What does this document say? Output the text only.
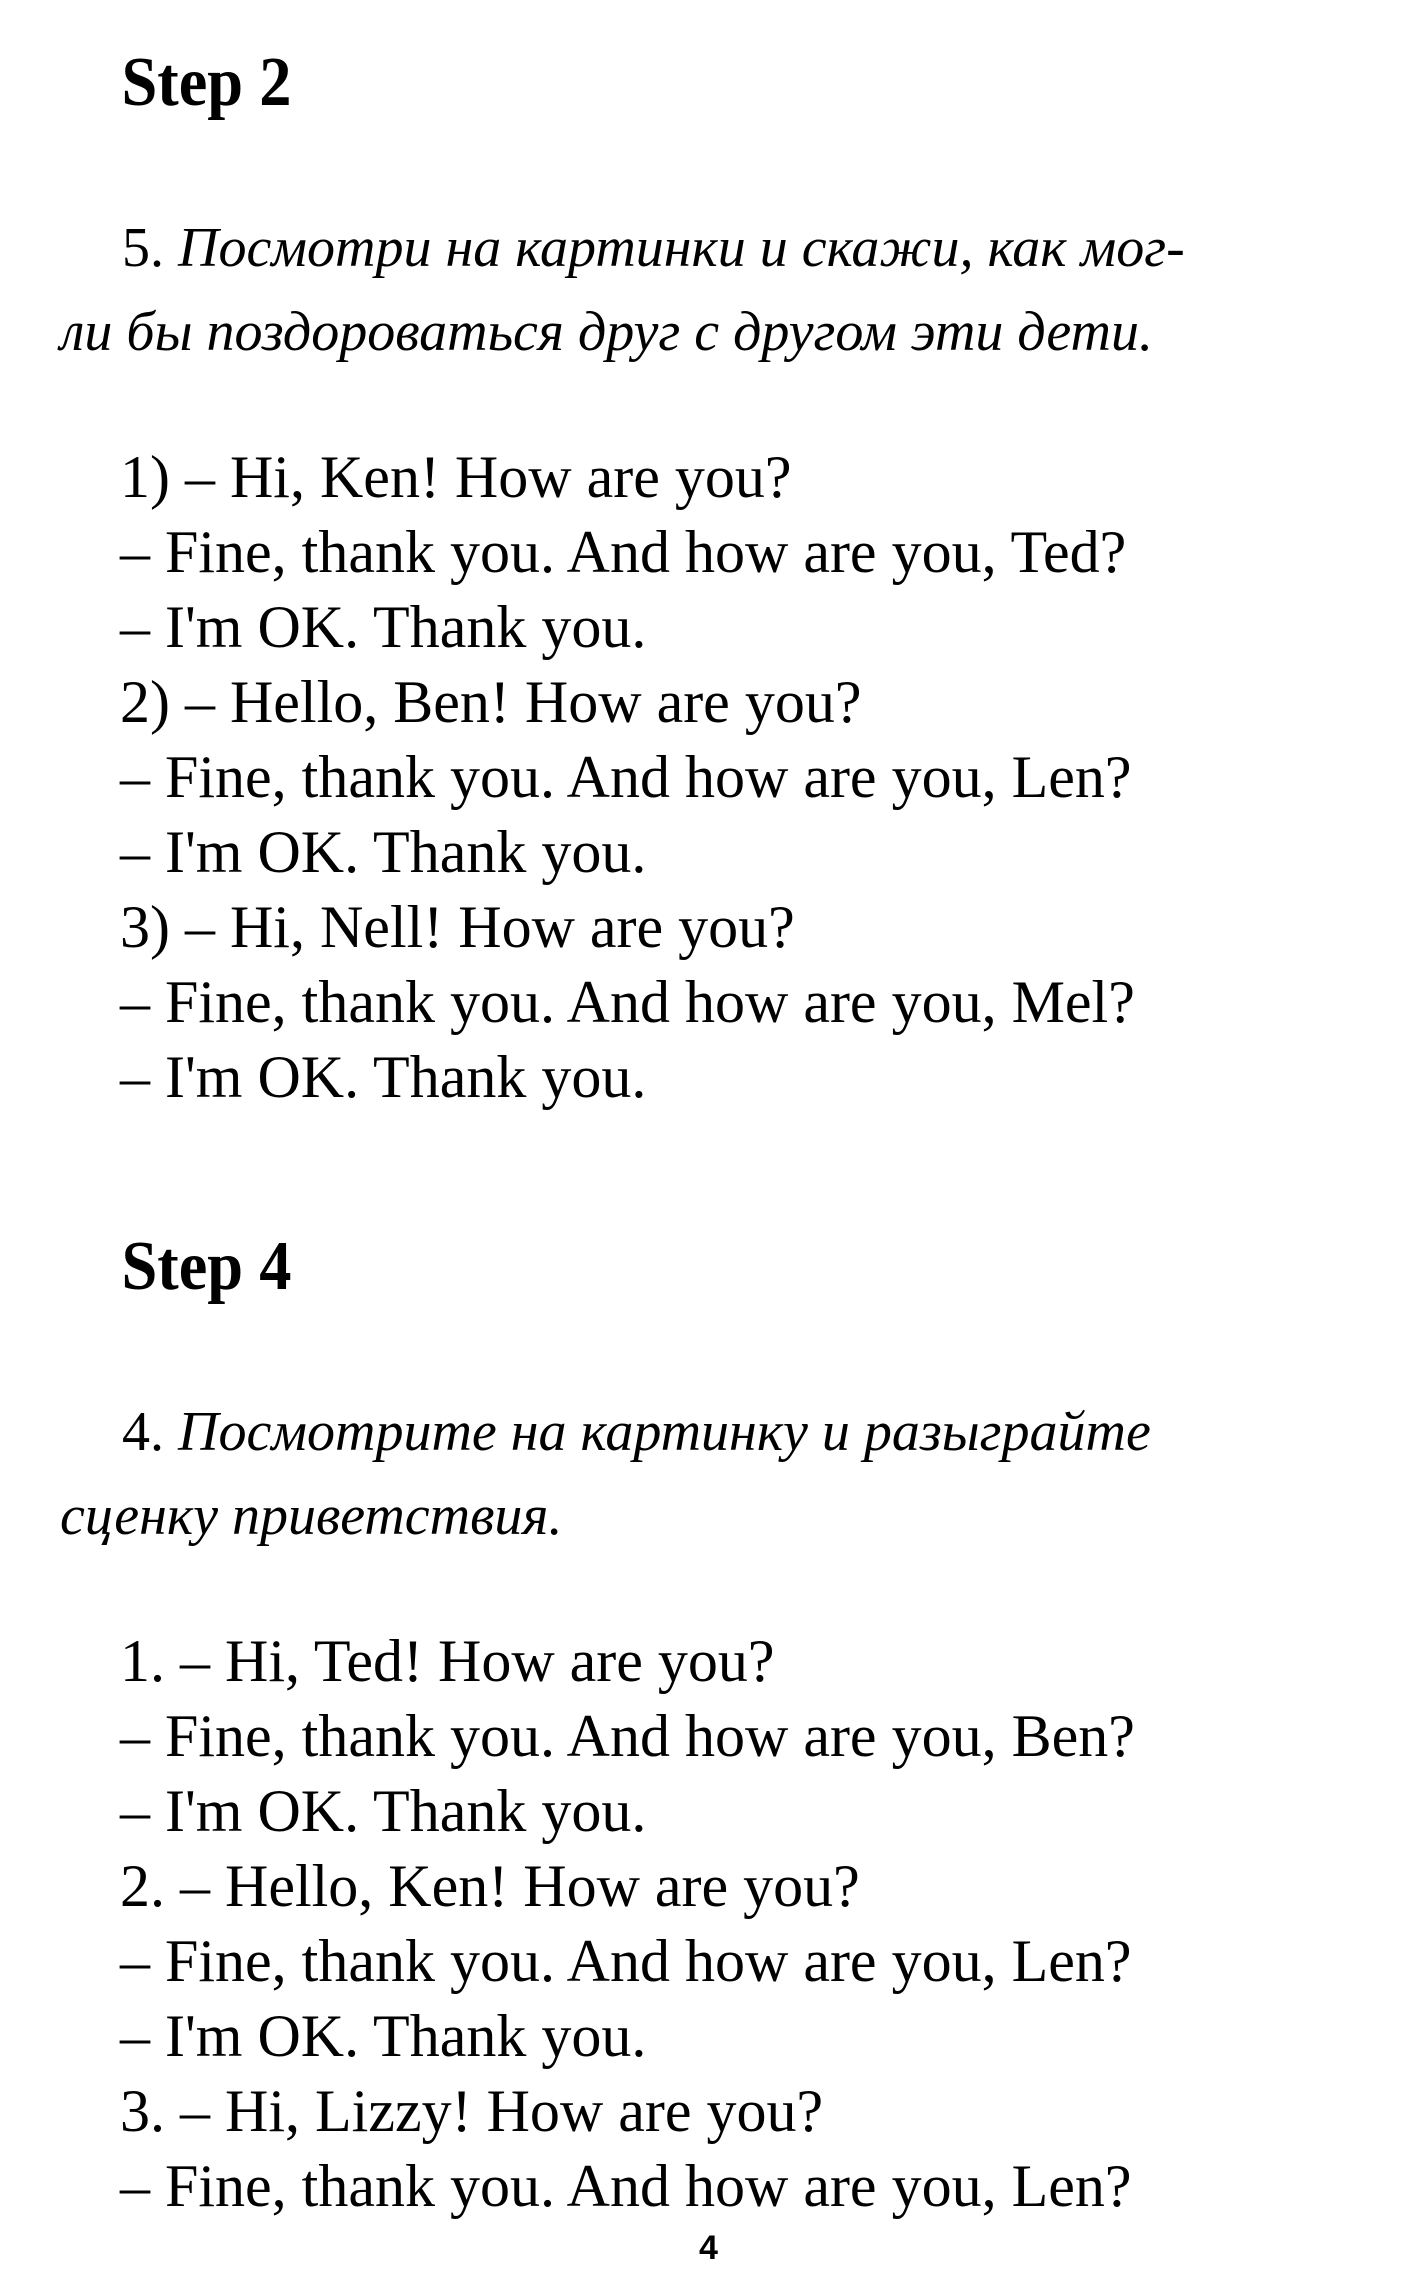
Step 2

5. Посмотри на картинки и скажи, как мог-
ли бы поздороваться друг с другом эти дети.

1) – Hi, Ken! How are you?
– Fine, thank you. And how are you, Ted?
– I'm OK. Thank you.
2) – Hello, Ben! How are you?
– Fine, thank you. And how are you, Len?
– I'm OK. Thank you.
3) – Hi, Nell! How are you?
– Fine, thank you. And how are you, Mel?
– I'm OK. Thank you.
Step 4

4. Посмотрите на картинку и разыграйте
сценку приветствия.

1. – Hi, Ted! How are you?
– Fine, thank you. And how are you, Ben?
– I'm OK. Thank you.
2. – Hello, Ken! How are you?
– Fine, thank you. And how are you, Len?
– I'm OK. Thank you.
3. – Hi, Lizzy! How are you?
– Fine, thank you. And how are you, Len?
4
